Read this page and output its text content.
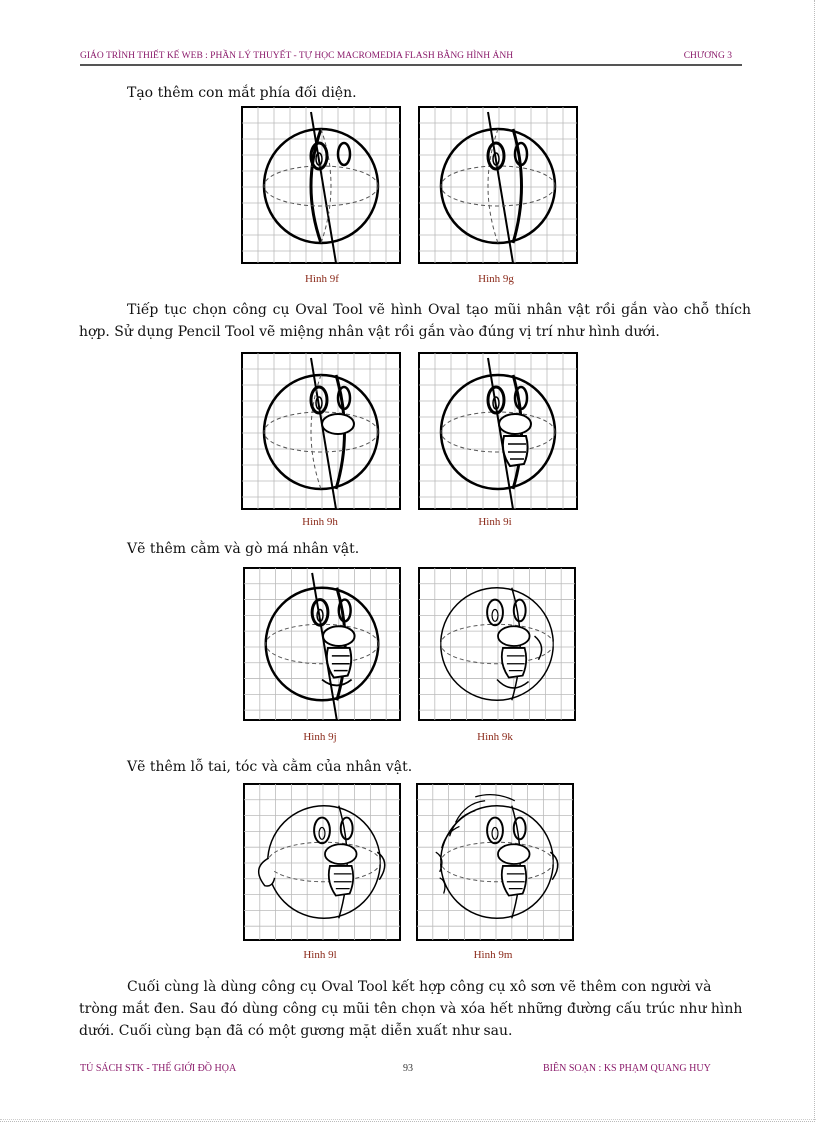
GIÁO TRÌNH THIẾT KẾ WEB : PHẦN LÝ THUYẾT - TỰ HỌC MACROMEDIA FLASH BẰNG HÌNH ẢNH	CHƯƠNG 3
Tạo thêm con mắt phía đối diện.
Hình 9f	Hình 9g
Tiếp tục chọn công cụ Oval Tool vẽ hình Oval tạo mũi nhân vật rồi gắn vào chỗ thích
hợp. Sử dụng Pencil Tool vẽ miệng nhân vật rồi gắn vào đúng vị trí như hình dưới.
Hình 9h	Hình 9i
Vẽ thêm cằm và gò má nhân vật.
Hình 9j	Hình 9k
Vẽ thêm lỗ tai, tóc và cằm của nhân vật.
Hình 9l	Hình 9m
Cuối cùng là dùng công cụ Oval Tool kết hợp công cụ xô sơn vẽ thêm con người và
tròng mắt đen. Sau đó dùng công cụ mũi tên chọn và xóa hết những đường cấu trúc như hình
dưới. Cuối cùng bạn đã có một gương mặt diễn xuất như sau.
TỦ SÁCH STK - THẾ GIỚI ĐỒ HỌA	93	BIÊN SOẠN : KS PHẠM QUANG HUY
